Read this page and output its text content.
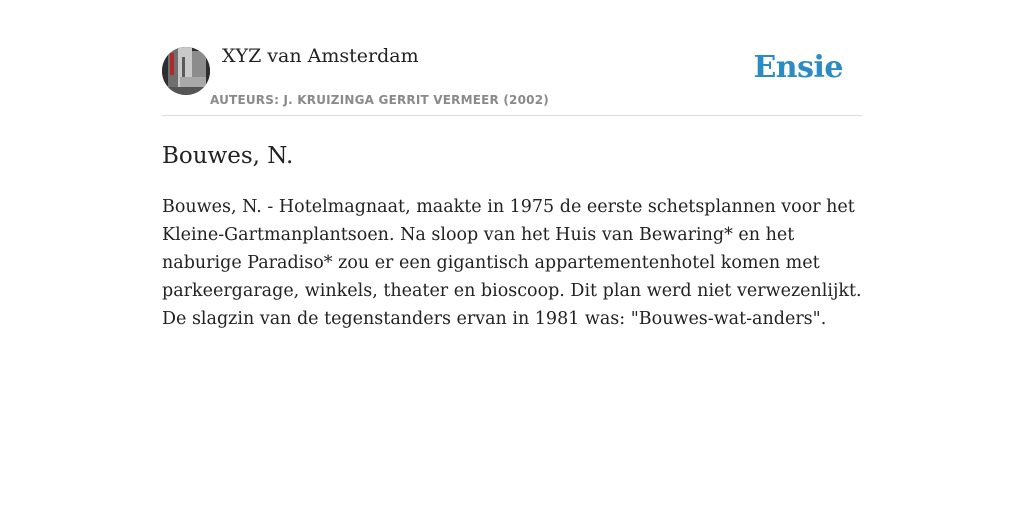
XYZ van Amsterdam
AUTEURS: J. KRUIZINGA GERRIT VERMEER (2002)
Ensie
Bouwes, N.

Bouwes, N. - Hotelmagnaat, maakte in 1975 de eerste schetsplannen voor het Kleine-Gartmanplantsoen. Na sloop van het Huis van Bewaring* en het naburige Paradiso* zou er een gigantisch appartementenhotel komen met parkeergarage, winkels, theater en bioscoop. Dit plan werd niet verwezenlijkt. De slagzin van de tegenstanders ervan in 1981 was: "Bouwes-wat-anders".
